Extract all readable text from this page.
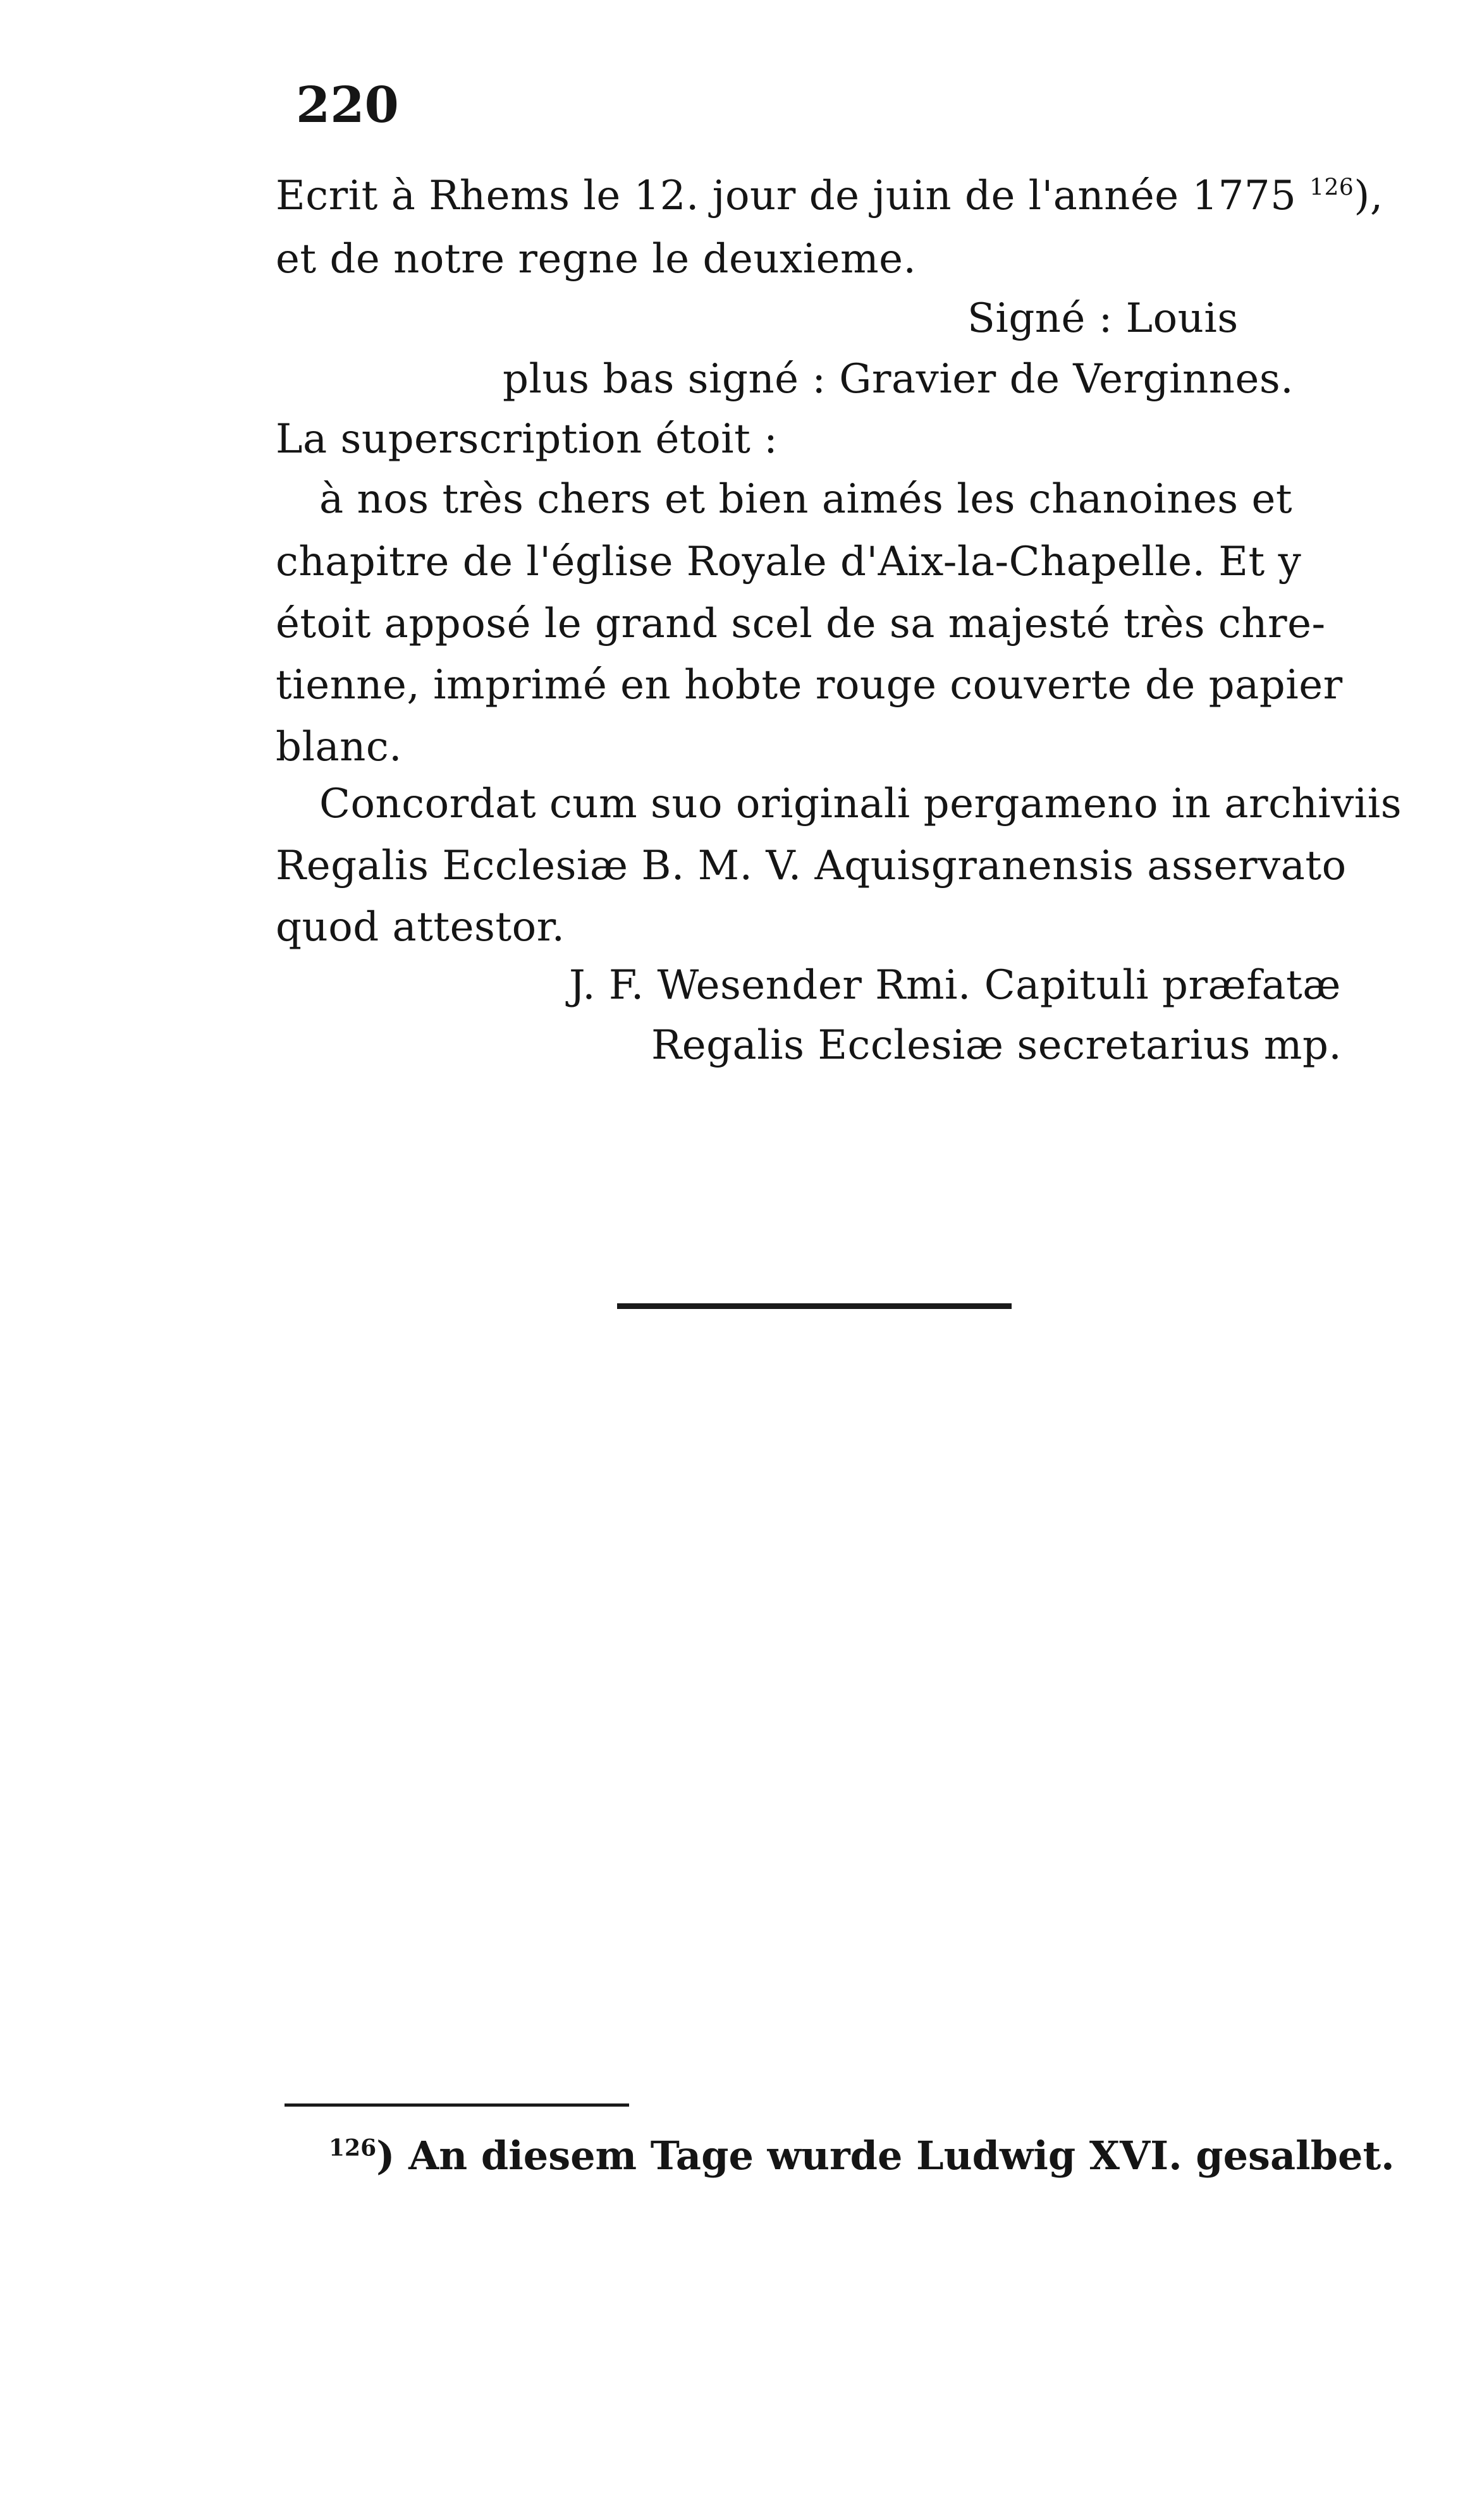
220
Ecrit à Rhems le 12. jour de juin de l'année 1775 $^{126}$),
et de notre regne le deuxieme.
Signé : Louis
plus bas signé : Gravier de Verginnes.
La superscription étoit :
à nos très chers et bien aimés les chanoines et
chapitre de l'église Royale d'Aix-la-Chapelle. Et y
étoit apposé le grand scel de sa majesté très chre-
tienne, imprimé en hobte rouge couverte de papier
blanc.
Concordat cum suo originali pergameno in archiviis
Regalis Ecclesiæ B. M. V. Aquisgranensis asservato
quod attestor.
J. F. Wesender Rmi. Capituli præfatæ
Regalis Ecclesiæ secretarius mp.
$^{126}$) An diesem Tage wurde Ludwig XVI. gesalbet.
